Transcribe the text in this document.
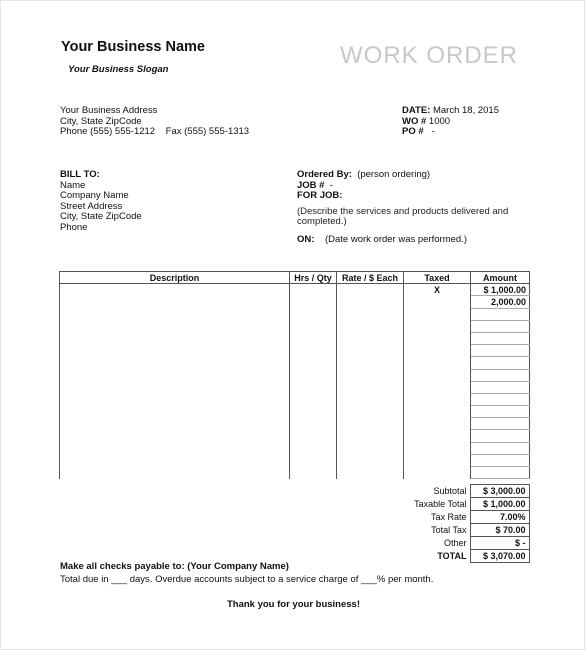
Your Business Name
Your Business Slogan
WORK ORDER
Your Business Address
City, State ZipCode
Phone (555) 555-1212 Fax (555) 555-1313
DATE: March 18, 2015
WO # 1000
PO # -
BILL TO:
Name
Company Name
Street Address
City, State ZipCode
Phone
Ordered By: (person ordering)
JOB # -
FOR JOB:
(Describe the services and products delivered and completed.)
ON: (Date work order was performed.)
Description	Hrs / Qty	Rate / $ Each	Taxed	Amount
			X	$ 1,000.00
				2,000.00

Subtotal	$ 3,000.00
Taxable Total	$ 1,000.00
Tax Rate	7.00%
Total Tax	$ 70.00
Other	$ -
TOTAL	$ 3,070.00
Make all checks payable to: (Your Company Name)
Total due in ___ days. Overdue accounts subject to a service charge of ___% per month.
Thank you for your business!
